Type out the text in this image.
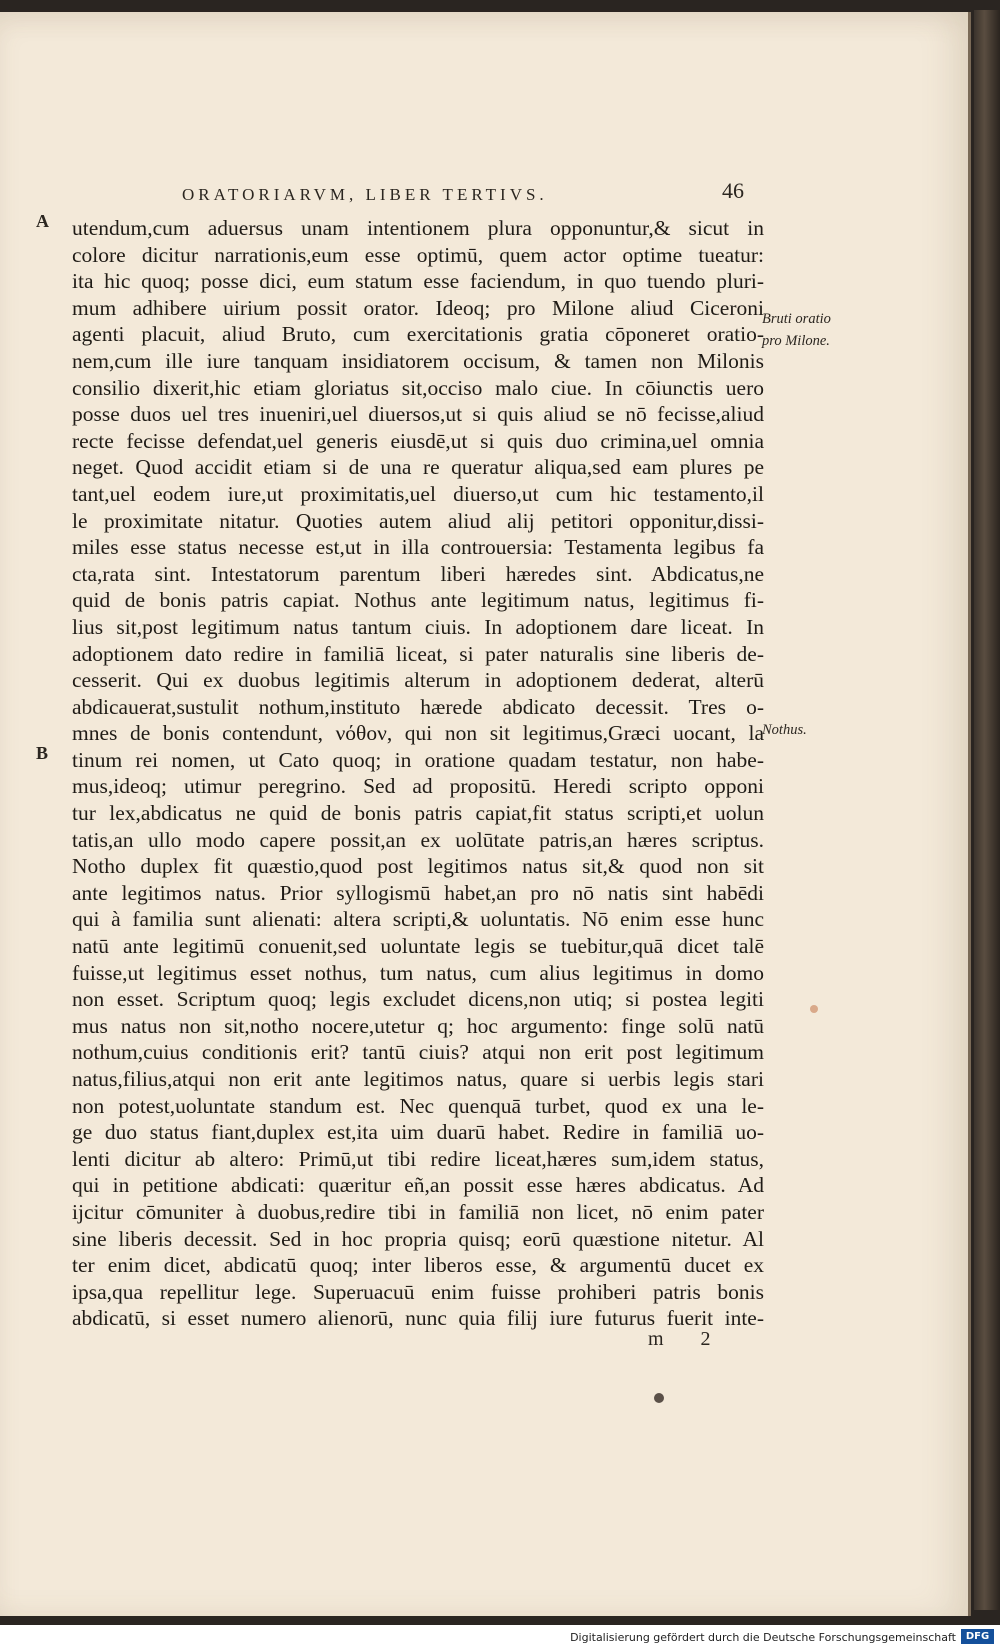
ORATORIARVM, LIBER TERTIVS.	46
A
B
Bruti oratio
pro Milone.
Nothus.
utendum,cum aduersus unam intentionem plura opponuntur,& sicut in
colore dicitur narrationis,eum esse optimū, quem actor optime tueatur:
ita hic quoq; posse dici, eum statum esse faciendum, in quo tuendo pluri-
mum adhibere uirium possit orator. Ideoq; pro Milone aliud Ciceroni
agenti placuit, aliud Bruto, cum exercitationis gratia cōponeret oratio-
nem,cum ille iure tanquam insidiatorem occisum, & tamen non Milonis
consilio dixerit,hic etiam gloriatus sit,occiso malo ciue. In cōiunctis uero
posse duos uel tres inueniri,uel diuersos,ut si quis aliud se nō fecisse,aliud
recte fecisse defendat,uel generis eiusdē,ut si quis duo crimina,uel omnia
neget. Quod accidit etiam si de una re queratur aliqua,sed eam plures pe
tant,uel eodem iure,ut proximitatis,uel diuerso,ut cum hic testamento,il
le proximitate nitatur. Quoties autem aliud alij petitori opponitur,dissi-
miles esse status necesse est,ut in illa controuersia: Testamenta legibus fa
cta,rata sint. Intestatorum parentum liberi hæredes sint. Abdicatus,ne
quid de bonis patris capiat. Nothus ante legitimum natus, legitimus fi-
lius sit,post legitimum natus tantum ciuis. In adoptionem dare liceat. In
adoptionem dato redire in familiā liceat, si pater naturalis sine liberis de-
cesserit. Qui ex duobus legitimis alterum in adoptionem dederat, alterū
abdicauerat,sustulit nothum,instituto hærede abdicato decessit. Tres o-
mnes de bonis contendunt, νόθον, qui non sit legitimus,Græci uocant, la
tinum rei nomen, ut Cato quoq; in oratione quadam testatur, non habe-
mus,ideoq; utimur peregrino. Sed ad propositū. Heredi scripto opponi
tur lex,abdicatus ne quid de bonis patris capiat,fit status scripti,et uolun
tatis,an ullo modo capere possit,an ex uolūtate patris,an hæres scriptus.
Notho duplex fit quæstio,quod post legitimos natus sit,& quod non sit
ante legitimos natus. Prior syllogismū habet,an pro nō natis sint habēdi
qui à familia sunt alienati: altera scripti,& uoluntatis. Nō enim esse hunc
natū ante legitimū conuenit,sed uoluntate legis se tuebitur,quā dicet talē
fuisse,ut legitimus esset nothus, tum natus, cum alius legitimus in domo
non esset. Scriptum quoq; legis excludet dicens,non utiq; si postea legiti
mus natus non sit,notho nocere,utetur q; hoc argumento: finge solū natū
nothum,cuius conditionis erit? tantū ciuis? atqui non erit post legitimum
natus,filius,atqui non erit ante legitimos natus, quare si uerbis legis stari
non potest,uoluntate standum est. Nec quenquā turbet, quod ex una le-
ge duo status fiant,duplex est,ita uim duarū habet. Redire in familiā uo-
lenti dicitur ab altero: Primū,ut tibi redire liceat,hæres sum,idem status,
qui in petitione abdicati: quæritur eñ,an possit esse hæres abdicatus. Ad
ijcitur cōmuniter à duobus,redire tibi in familiā non licet, nō enim pater
sine liberis decessit. Sed in hoc propria quisq; eorū quæstione nitetur. Al
ter enim dicet, abdicatū quoq; inter liberos esse, & argumentū ducet ex
ipsa,qua repellitur lege. Superuacuū enim fuisse prohiberi patris bonis
abdicatū, si esset numero alienorū, nunc quia filij iure futurus fuerit inte-
m 2
Digitalisierung gefördert durch die Deutsche Forschungsgemeinschaft DFG
